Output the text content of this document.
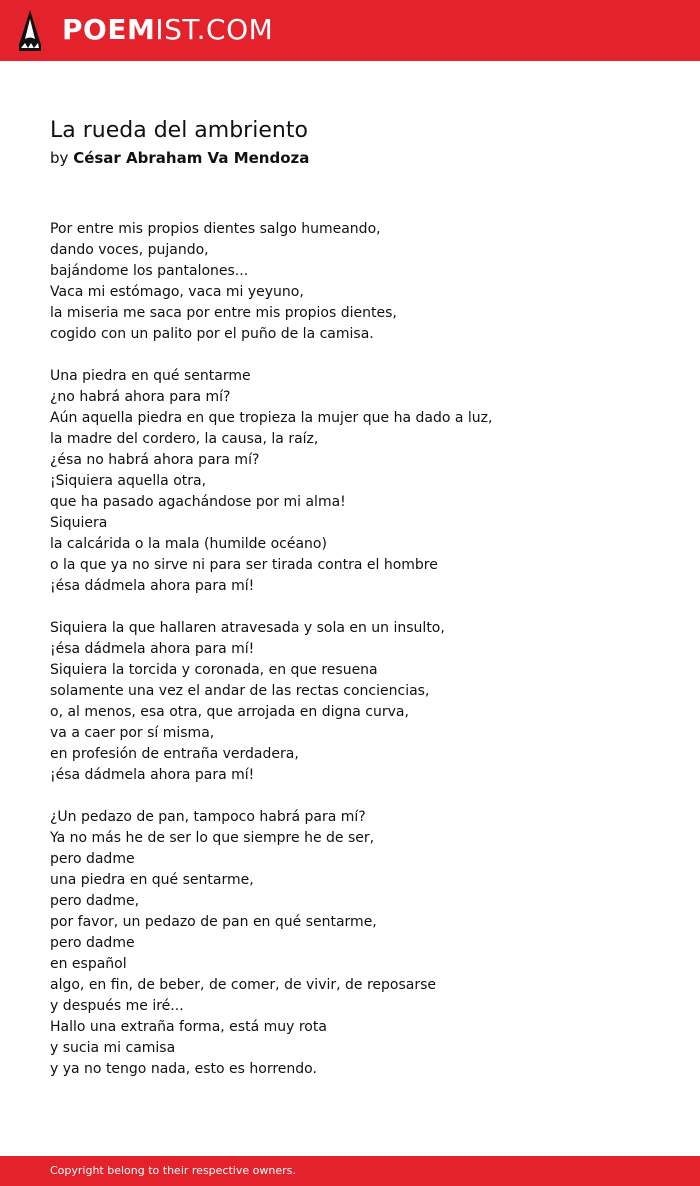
POEMIST.COM
La rueda del ambriento
by César Abraham Va Mendoza
Por entre mis propios dientes salgo humeando,
dando voces, pujando,
bajándome los pantalones...
Vaca mi estómago, vaca mi yeyuno,
la miseria me saca por entre mis propios dientes,
cogido con un palito por el puño de la camisa.
Una piedra en qué sentarme
¿no habrá ahora para mí?
Aún aquella piedra en que tropieza la mujer que ha dado a luz,
la madre del cordero, la causa, la raíz,
¿ésa no habrá ahora para mí?
¡Siquiera aquella otra,
que ha pasado agachándose por mi alma!
Siquiera
la calcárida o la mala (humilde océano)
o la que ya no sirve ni para ser tirada contra el hombre
¡ésa dádmela ahora para mí!
Siquiera la que hallaren atravesada y sola en un insulto,
¡ésa dádmela ahora para mí!
Siquiera la torcida y coronada, en que resuena
solamente una vez el andar de las rectas conciencias,
o, al menos, esa otra, que arrojada en digna curva,
va a caer por sí misma,
en profesión de entraña verdadera,
¡ésa dádmela ahora para mí!
¿Un pedazo de pan, tampoco habrá para mí?
Ya no más he de ser lo que siempre he de ser,
pero dadme
una piedra en qué sentarme,
pero dadme,
por favor, un pedazo de pan en qué sentarme,
pero dadme
en español
algo, en fin, de beber, de comer, de vivir, de reposarse
y después me iré...
Hallo una extraña forma, está muy rota
y sucia mi camisa
y ya no tengo nada, esto es horrendo.
Copyright belong to their respective owners.
